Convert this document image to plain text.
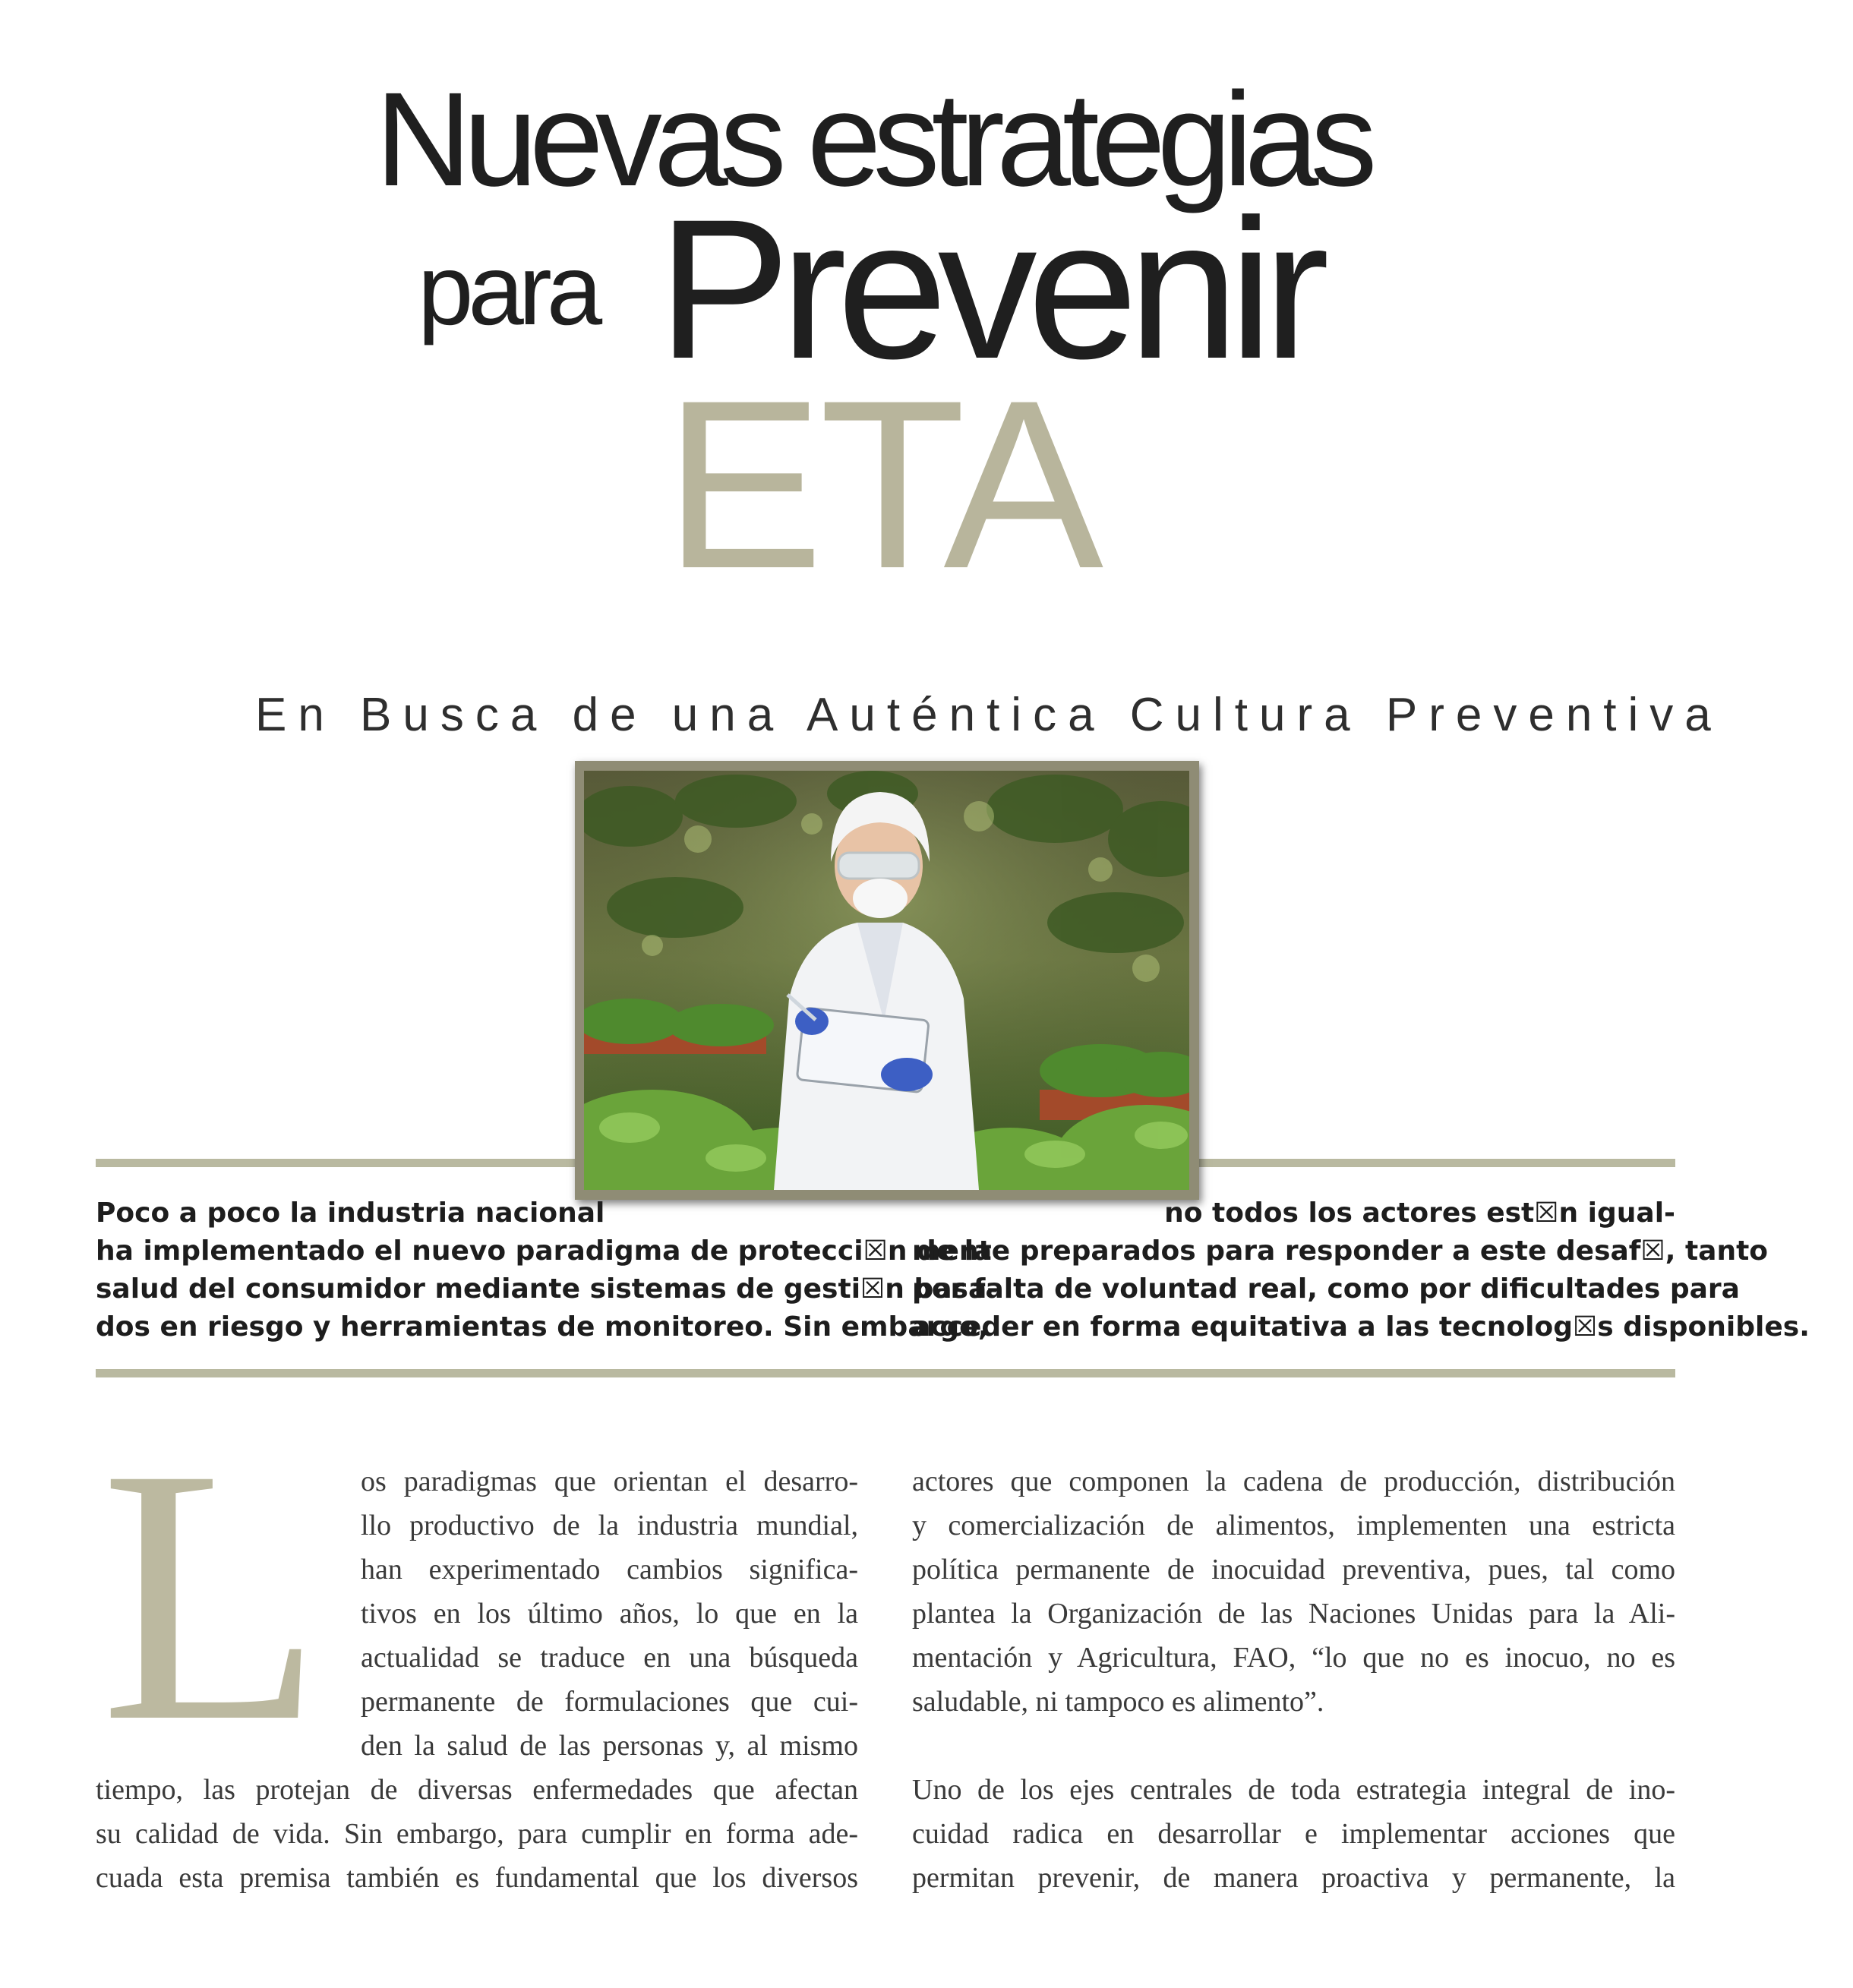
Nuevas estrategias
para Prevenir
ETA
En Busca de una Auténtica Cultura Preventiva
Poco a poco la industria nacional
ha implementado el nuevo paradigma de protecci☒n de la
salud del consumidor mediante sistemas de gesti☒n basa-
dos en riesgo y herramientas de monitoreo. Sin embargo,
no todos los actores est☒n igual-
mente preparados para responder a este desaf☒, tanto
por falta de voluntad real, como por dificultades para
acceder en forma equitativa a las tecnolog☒s disponibles.
L os paradigmas que orientan el desarro-
llo productivo de la industria mundial,
han experimentado cambios significa-
tivos en los último años, lo que en la
actualidad se traduce en una búsqueda
permanente de formulaciones que cui-
den la salud de las personas y, al mismo
tiempo, las protejan de diversas enfermedades que afectan
su calidad de vida. Sin embargo, para cumplir en forma ade-
cuada esta premisa también es fundamental que los diversos
actores que componen la cadena de producción, distribución
y comercialización de alimentos, implementen una estricta
política permanente de inocuidad preventiva, pues, tal como
plantea la Organización de las Naciones Unidas para la Ali-
mentación y Agricultura, FAO, “lo que no es inocuo, no es
saludable, ni tampoco es alimento”.
Uno de los ejes centrales de toda estrategia integral de ino-
cuidad radica en desarrollar e implementar acciones que
permitan prevenir, de manera proactiva y permanente, la
